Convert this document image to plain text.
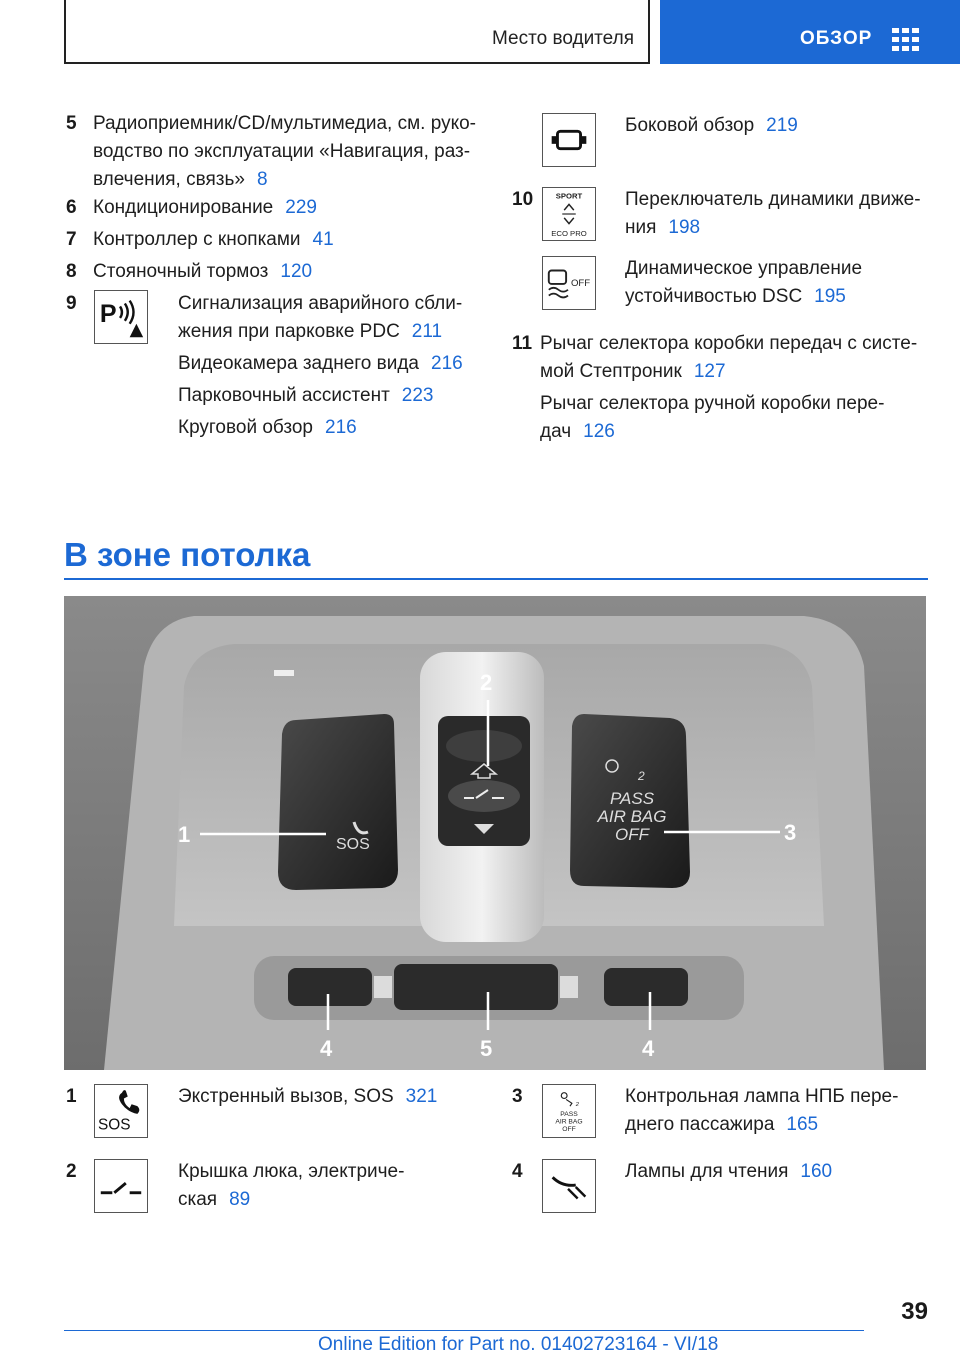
Место водителя	ОБЗОР
5 Радиоприемник/CD/мультимедиа, см. руко-
водство по эксплуатации «Навигация, раз-
влечения, связь» 8
6 Кондиционирование 229
7 Контроллер с кнопками 41
8 Стояночный тормоз 120
9 P	Сигнализация аварийного сбли-
жения при парковке PDC 211
Видеокамера заднего вида 216
Парковочный ассистент 223
Круговой обзор 216
Боковой обзор 219
10	SPORT
ECO PRO
Переключатель динамики движе-
ния 198
OFF
Динамическое управление
устойчивостью DSC 195
11 Рычаг селектора коробки передач с систе-
мой Стептроник 127
Рычаг селектора ручной коробки пере-
дач 126
В зоне потолка
SOS
2
PASS
AIR BAG
OFF
1
2
3
4	5	4
1
SOS
Экстренный вызов, SOS 321
2	Крышка люка, электриче-
ская 89
3	2
PASS
AIR BAG
OFF
Контрольная лампа НПБ пере-
днего пассажира 165
4	Лампы для чтения 160
39
Online Edition for Part no. 01402723164 - VI/18
